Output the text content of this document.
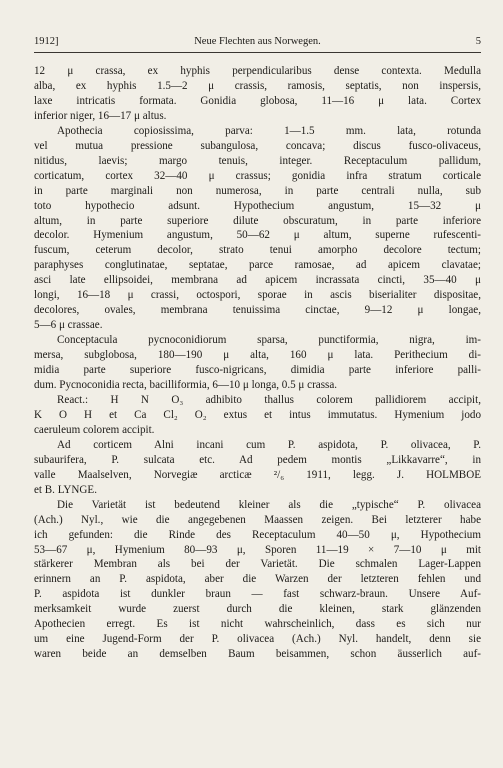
1912]	Neue Flechten aus Norwegen.	5
12 μ crassa, ex hyphis perpendicularibus dense contexta. Medulla
alba, ex hyphis 1.5—2 μ crassis, ramosis, septatis, non inspersis,
laxe intricatis formata. Gonidia globosa, 11—16 μ lata. Cortex
inferior niger, 16—17 μ altus.
Apothecia copiosissima, parva: 1—1.5 mm. lata, rotunda
vel mutua pressione subangulosa, concava; discus fusco-olivaceus,
nitidus, laevis; margo tenuis, integer. Receptaculum pallidum,
corticatum, cortex 32—40 μ crassus; gonidia infra stratum corticale
in parte marginali non numerosa, in parte centrali nulla, sub
toto hypothecio adsunt. Hypothecium angustum, 15—32 μ
altum, in parte superiore dilute obscuratum, in parte inferiore
decolor. Hymenium angustum, 50—62 μ altum, superne rufescenti-
fuscum, ceterum decolor, strato tenui amorpho decolore tectum;
paraphyses conglutinatae, septatae, parce ramosae, ad apicem clavatae;
asci late ellipsoidei, membrana ad apicem incrassata cincti, 35—40 μ
longi, 16—18 μ crassi, octospori, sporae in ascis biserialiter dispositae,
decolores, ovales, membrana tenuissima cinctae, 9—12 μ longae,
5—6 μ crassae.
Conceptacula pycnoconidiorum sparsa, punctiformia, nigra, im-
mersa, subglobosa, 180—190 μ alta, 160 μ lata. Perithecium di-
midia parte superiore fusco-nigricans, dimidia parte inferiore palli-
dum. Pycnoconidia recta, bacilliformia, 6—10 μ longa, 0.5 μ crassa.
React.: H N O₃ adhibito thallus colorem pallidiorem accipit,
K O H et Ca Cl₂ O₂ extus et intus immutatus. Hymenium jodo
caeruleum colorem accipit.
Ad corticem Alni incani cum P. aspidota, P. olivacea, P.
subaurifera, P. sulcata etc. Ad pedem montis „Likkavarre“, in
valle Maalselven, Norvegiæ arcticæ ²/₆ 1911, legg. J. HOLMBOE
et B. LYNGE.
Die Varietät ist bedeutend kleiner als die „typische“ P. olivacea
(Ach.) Nyl., wie die angegebenen Maassen zeigen. Bei letzterer habe
ich gefunden: die Rinde des Receptaculum 40—50 μ, Hypothecium
53—67 μ, Hymenium 80—93 μ, Sporen 11—19 × 7—10 μ mit
stärkerer Membran als bei der Varietät. Die schmalen Lager-Lappen
erinnern an P. aspidota, aber die Warzen der letzteren fehlen und
P. aspidota ist dunkler braun — fast schwarz-braun. Unsere Auf-
merksamkeit wurde zuerst durch die kleinen, stark glänzenden
Apothecien erregt. Es ist nicht wahrscheinlich, dass es sich nur
um eine Jugend-Form der P. olivacea (Ach.) Nyl. handelt, denn sie
waren beide an demselben Baum beisammen, schon äusserlich auf-
